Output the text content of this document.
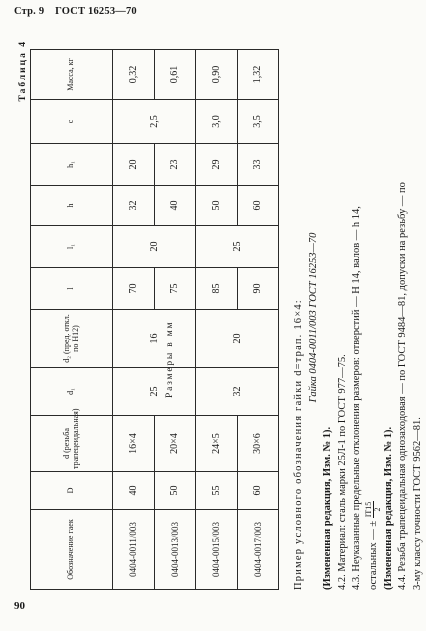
Стр. 9 ГОСТ 16253—70
Таблица 4
Обозначение гаек	D	d (резьба трапецеидальная)	d₁	d₂ (пред. откл. по H12)	l	l₁	h	h₁	c	Масса, кг
0404-0011/003	40	16×4	25	16	70	20	32	20	2,5	0,32
0404-0013/003	50	20×4			75		40	23		0,61
0404-0015/003	55	24×5	32	20	85	25	50	29	3,0	0,90
0404-0017/003	60	30×6			90		60	33	3,5	1,32
Размеры в мм	Пример условного обозначения гайки d=трап. 16×4: Гайка 0404-0011/003 ГОСТ 16253—70

(Измененная редакция, Изм. № 1). 4.2. Материал: сталь марки 25Л-1 по ГОСТ 977—75. 4.3. Неуказанные предельные отклонения размеров: отверстий — H 14, валов — h 14, остальных — ±
IT15 2 (Измененная редакция, Изм. № 1). 4.4. Резьба трапецеидальная однозаходовая — по ГОСТ 9484—81, допуски на резьбу — по 3-му классу точности ГОСТ 9562—81.

90
